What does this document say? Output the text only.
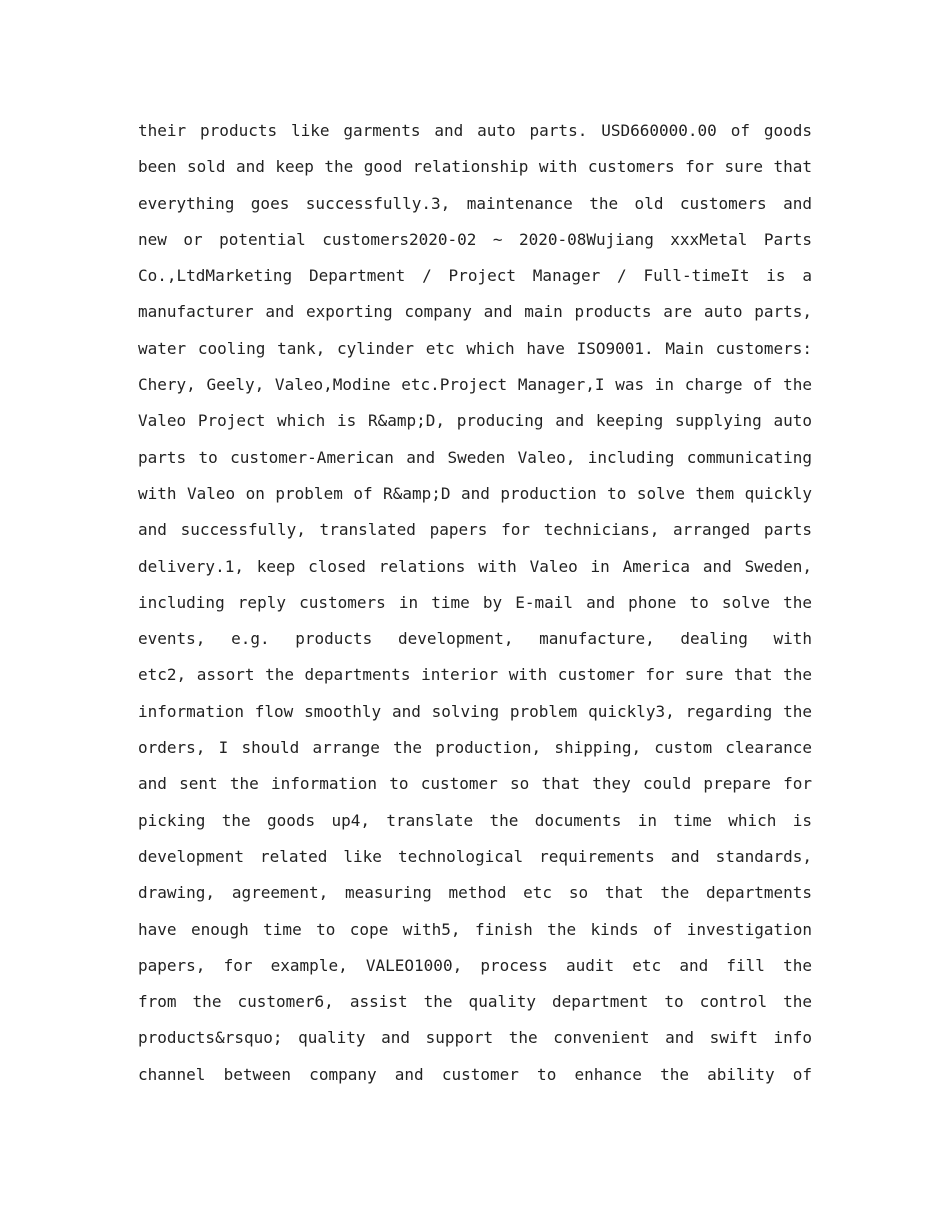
their products like garments and auto parts. USD660000.00 of goods
been sold and keep the good relationship with customers for sure that
everything goes successfully.3, maintenance the old customers and
new or potential customers2020-02 ~ 2020-08Wujiang xxxMetal Parts
Co.,LtdMarketing Department / Project Manager / Full-timeIt is a
manufacturer and exporting company and main products are auto parts,
water cooling tank, cylinder etc which have ISO9001. Main customers:
Chery, Geely, Valeo,Modine etc.Project Manager,I was in charge of the
Valeo Project which is R&amp;D, producing and keeping supplying auto
parts to customer-American and Sweden Valeo, including communicating
with Valeo on problem of R&amp;D and production to solve them quickly
and successfully, translated papers for technicians, arranged parts
delivery.1, keep closed relations with Valeo in America and Sweden,
including reply customers in time by E-mail and phone to solve the
events, e.g. products development, manufacture, dealing with
etc2, assort the departments interior with customer for sure that the
information flow smoothly and solving problem quickly3, regarding the
orders, I should arrange the production, shipping, custom clearance
and sent the information to customer so that they could prepare for
picking the goods up4, translate the documents in time which is
development related like technological requirements and standards,
drawing, agreement, measuring method etc so that the departments
have enough time to cope with5, finish the kinds of investigation
papers, for example, VALEO1000, process audit etc and fill the
from the customer6, assist the quality department to control the
products&rsquo; quality and support the convenient and swift info
channel between company and customer to enhance the ability of
